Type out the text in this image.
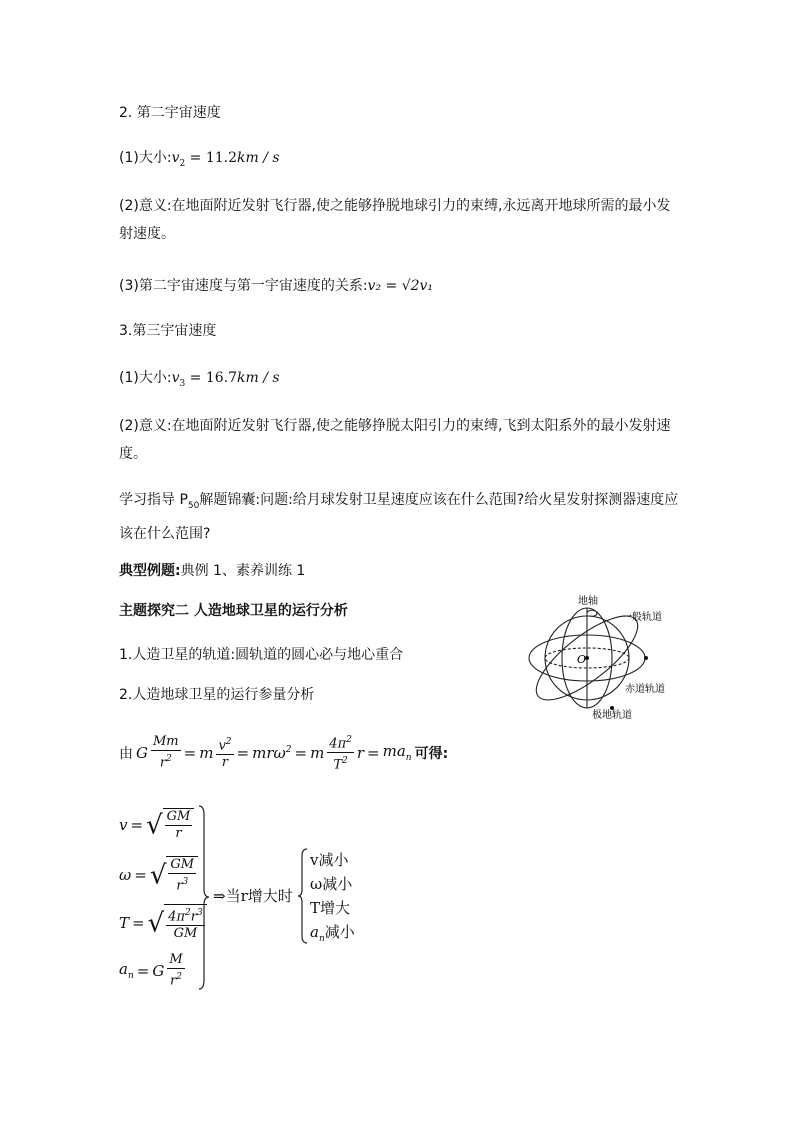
2. 第二宇宙速度
(1)大小$:v_2 = 11.2km / s$
(2)意义:在地面附近发射飞行器,使之能够挣脱地球引力的束缚,永远离开地球所需的最小发射速度。
(3)第二宇宙速度与第一宇宙速度的关系:v₂ = √2v₁
3.第三宇宙速度
(1)大小$:v_3 = 16.7km / s$
(2)意义:在地面附近发射飞行器,使之能够挣脱太阳引力的束缚,飞到太阳系外的最小发射速度。
学习指导 $P_{50}$解题锦囊:问题:给月球发射卫星速度应该在什么范围?给火星发射探测器速度应该在什么范围?
典型例题:典例 1、素养训练 1
主题探究二 人造地球卫星的运行分析
1.人造卫星的轨道:圆轨道的圆心必与地心重合
2.人造地球卫星的运行参量分析
O
地轴
一般轨道
赤道轨道
极地轨道
由 G $\frac{Mm}{r^2} = m \frac{v^2}{r} = mr\omega^2 = m \frac{4\pi^2}{T^2}$ $r = ma_n$ 可得:
v = √ $\frac{GM}{r}$
ω = √ $\frac{GM}{r^3}$
T = √ $\frac{4\pi^2r^3}{GM}$
$a_n = G \frac{M}{r^2}$
⇒当r增大时
v减小
ω减小
T增大
$a_n$减小
